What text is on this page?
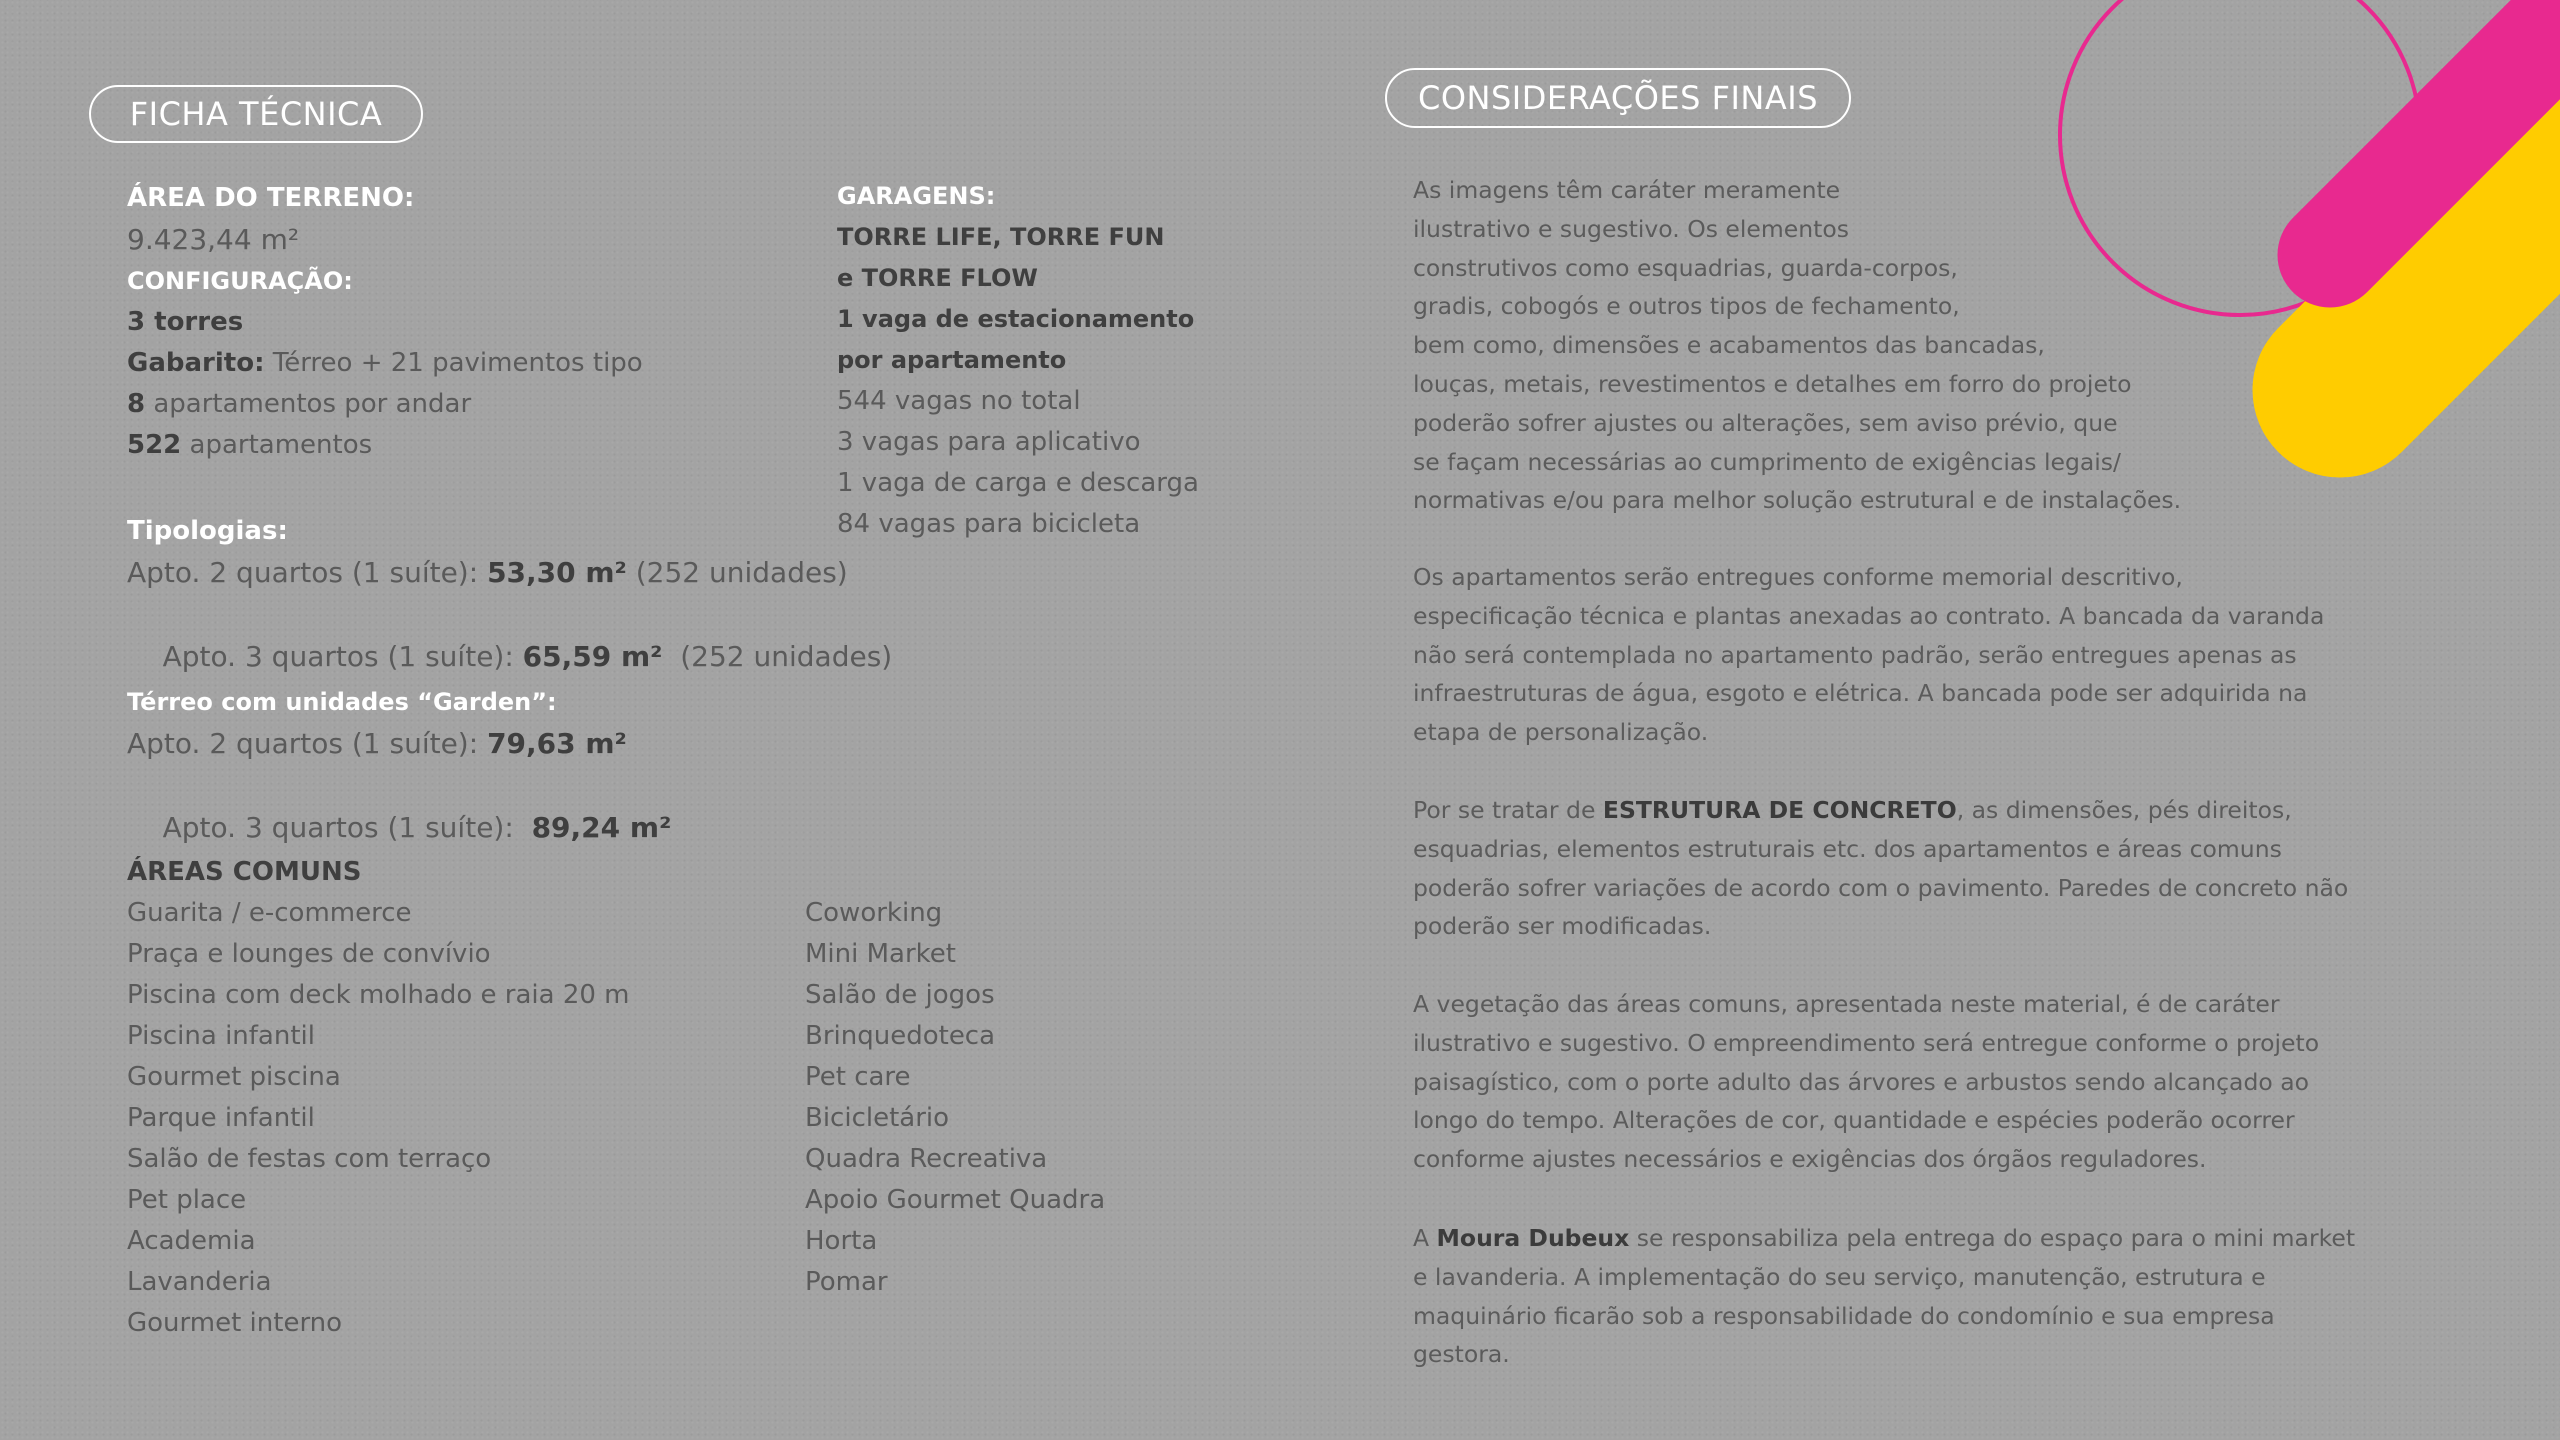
FICHA TÉCNICA	CONSIDERAÇÕES FINAIS
ÁREA DO TERRENO:
9.423,44 m²
CONFIGURAÇÃO:
3 torres
Gabarito: Térreo + 21 pavimentos tipo
8 apartamentos por andar
522 apartamentos
Tipologias:
Apto. 2 quartos (1 suíte): 53,30 m² (252 unidades)

Apto. 3 quartos (1 suíte): 65,59 m²  (252 unidades)

Térreo com unidades “Garden”:
Apto. 2 quartos (1 suíte): 79,63 m²

Apto. 3 quartos (1 suíte):  89,24 m²

ÁREAS COMUNS
Guarita / e-commerce
Praça e lounges de convívio
Piscina com deck molhado e raia 20 m
Piscina infantil
Gourmet piscina
Parque infantil
Salão de festas com terraço
Pet place
Academia
Lavanderia
Gourmet interno
Coworking
Mini Market
Salão de jogos
Brinquedoteca
Pet care
Bicicletário
Quadra Recreativa
Apoio Gourmet Quadra
Horta
Pomar
GARAGENS:
TORRE LIFE, TORRE FUN
e TORRE FLOW
1 vaga de estacionamento
por apartamento
544 vagas no total
3 vagas para aplicativo
1 vaga de carga e descarga
84 vagas para bicicleta
As imagens têm caráter meramente
ilustrativo e sugestivo. Os elementos
construtivos como esquadrias, guarda-corpos,
gradis, cobogós e outros tipos de fechamento,
bem como, dimensões e acabamentos das bancadas,
louças, metais, revestimentos e detalhes em forro do projeto
poderão sofrer ajustes ou alterações, sem aviso prévio, que
se façam necessárias ao cumprimento de exigências legais/
normativas e/ou para melhor solução estrutural e de instalações.
Os apartamentos serão entregues conforme memorial descritivo,
especificação técnica e plantas anexadas ao contrato. A bancada da varanda
não será contemplada no apartamento padrão, serão entregues apenas as
infraestruturas de água, esgoto e elétrica. A bancada pode ser adquirida na
etapa de personalização.
Por se tratar de ESTRUTURA DE CONCRETO, as dimensões, pés direitos,
esquadrias, elementos estruturais etc. dos apartamentos e áreas comuns
poderão sofrer variações de acordo com o pavimento. Paredes de concreto não
poderão ser modificadas.
A vegetação das áreas comuns, apresentada neste material, é de caráter
ilustrativo e sugestivo. O empreendimento será entregue conforme o projeto
paisagístico, com o porte adulto das árvores e arbustos sendo alcançado ao
longo do tempo. Alterações de cor, quantidade e espécies poderão ocorrer
conforme ajustes necessários e exigências dos órgãos reguladores.
A Moura Dubeux se responsabiliza pela entrega do espaço para o mini market
e lavanderia. A implementação do seu serviço, manutenção, estrutura e
maquinário ficarão sob a responsabilidade do condomínio e sua empresa
gestora.
